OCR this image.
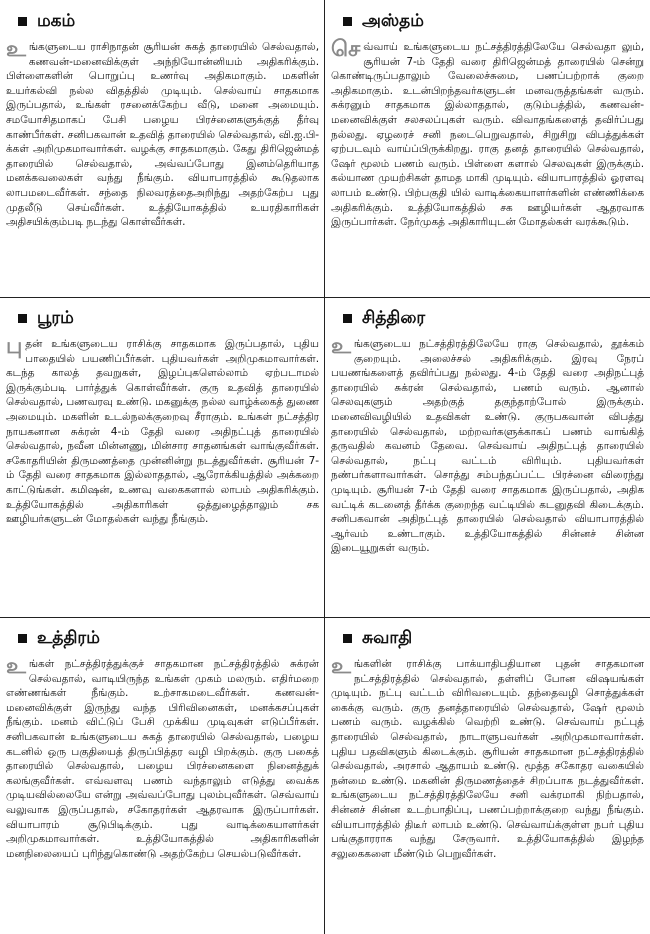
மகம்
உங்களுடைய ராசிநாதன் சூரியன் சுகத் தாரையில் செல்வதால், கணவன்-மனைவிக்குள் அந்நியோன்னியம் அதிகரிக்கும். பிள்ளைகளின் பொறுப்பு உணர்வு அதிகமாகும். மகளின் உயர்கல்வி நல்ல விதத்தில் முடியும். செல்வாய் சாதகமாக இருப்பதால், உங்கள் ரசனைக்கேற்ப வீடு, மனை அமையும். சமயோசிதமாகப் பேசி பழைய பிரச்னைகளுக்குத் தீர்வு காண்பீர்கள். சனிபகவான் உதவித் தாரையில் செல்வதால், வி.ஐ.பி-க்கள் அறிமுகமாவார்கள். வழக்கு சாதகமாகும். கேது திரிஜென்மத் தாரையில் செல்வதால், அவ்வப்போது இனம்தெரியாத மனக்கவலைகள் வந்து நீங்கும். வியாபாரத்தில் கூடுதலாக லாபமடைவீர்கள். சந்தை நிலவரத்தைஅறிந்து அதற்கேற்ப புது முதலீடு செய்வீர்கள். உத்தியோகத்தில் உயரதிகாரிகள் அதிசயிக்கும்படி நடந்து கொள்வீர்கள்.
அஸ்தம்
செவ்வாய் உங்களுடைய நட்சத்திரத்திலேயே செல்வதா லும், சூரியன் 7-ம் தேதி வரை திரிஜென்மத் தாரையில் சென்று கொண்டிருப்பதாலும் வேலைச்சுமை, பணப்பற்றாக் குறை அதிகமாகும். உடன்பிறந்தவர்களுடன் மனவருத்தங்கள் வரும். சுக்ரனும் சாதகமாக இல்லாததால், குடும்பத்தில், கணவன்-மனைவிக்குள் சலசலப்புகள் வரும். விவாதங்களைத் தவிர்ப்பது நல்லது. ஏழரைச் சனி நடைபெறுவதால், சிறுசிறு விபத்துக்கள் ஏற்படவும் வாய்ப்பிருக்கிறது. ராகு தனத் தாரையில் செல்வதால், ஷேர் மூலம் பணம் வரும். பிள்ளை களால் செலவுகள் இருக்கும். கல்யாண முயற்சிகள் தாமத மாகி முடியும். வியாபாரத்தில் ஓரளவு லாபம் உண்டு. பிற்பகுதி யில் வாடிக்கையாளர்களின் எண்ணிக்கை அதிகரிக்கும். உத்தியோகத்தில் சக ஊழியர்கள் ஆதரவாக இருப்பார்கள். நேர்முகத் அதிகாரியுடன் மோதல்கள் வரக்கூடும்.
பூரம்
புதன் உங்களுடைய ராசிக்கு சாதகமாக இருப்பதால், புதிய பாதையில் பயணிப்பீர்கள். புதியவர்கள் அறிமுகமாவார்கள். கடந்த காலத் தவறுகள், இழப்புகளெல்லாம் ஏற்படாமல் இருக்கும்படி பார்த்துக் கொள்வீர்கள். குரு உதவித் தாரையில் செல்வதால், பணவரவு உண்டு. மகனுக்கு நல்ல வாழ்க்கைத் துணை அமையும். மகளின் உடல்நலக்குறைவு சீராகும். உங்கள் நட்சத்திர நாயகனான சுக்ரன் 4-ம் தேதி வரை அதிநட்புத் தாரையில் செல்வதால், நவீன மின்னணு, மின்சார சாதனங்கள் வாங்குவீர்கள். சகோதரியின் திருமணத்தை முன்னின்று நடத்துவீர்கள். சூரியன் 7-ம் தேதி வரை சாதகமாக இல்லாததால், ஆரோக்கியத்தில் அக்கறை காட்டுங்கள். கமிஷன், உணவு வகைகளால் லாபம் அதிகரிக்கும். உத்தியோகத்தில் அதிகாரிகள் ஒத்துழைத்தாலும் சக ஊழியர்களுடன் மோதல்கள் வந்து நீங்கும்.
சித்திரை
உங்களுடைய நட்சத்திரத்திலேயே ராகு செல்வதால், தூக்கம் குறையும். அலைச்சல் அதிகரிக்கும். இரவு நேரப் பயணங்களைத் தவிர்ப்பது நல்லது. 4-ம் தேதி வரை அதிநட்புத் தாரையில் சுக்ரன் செல்வதால், பணம் வரும். ஆனால் செலவுகளும் அதற்குத் தகுந்தாற்போல் இருக்கும். மனைவிவழியில் உதவிகள் உண்டு. குருபகவான் விபத்து தாரையில் செல்வதால், மற்றவர்களுக்காகப் பணம் வாங்கித் தருவதில் கவனம் தேவை. செவ்வாய் அதிநட்புத் தாரையில் செல்வதால், நட்பு வட்டம் விரியும். புதியவர்கள் நண்பர்களாவார்கள். சொத்து சம்பந்தப்பட்ட பிரச்னை விரைந்து முடியும். சூரியன் 7-ம் தேதி வரை சாதகமாக இருப்பதால், அதிக வட்டிக் கடனைத் தீர்க்க குறைந்த வட்டியில் கடனுதவி கிடைக்கும். சனிபகவான் அதிநட்புத் தாரையில் செல்வதால் வியாபாரத்தில் ஆர்வம் உண்டாகும். உத்தியோகத்தில் சின்னச் சின்ன இடையூறுகள் வரும்.
உத்திரம்
உங்கள் நட்சத்திரத்துக்குச் சாதகமான நட்சத்திரத்தில் சுக்ரன் செல்வதால், வாடியிருந்த உங்கள் முகம் மலரும். எதிர்மறை எண்ணங்கள் நீங்கும். உற்சாகமடைவீர்கள். கணவன்-மனைவிக்குள் இருந்து வந்த பிரிவினைகள், மனக்கசப்புகள் நீங்கும். மனம் விட்டுப் பேசி முக்கிய முடிவுகள் எடுப்பீர்கள். சனிபகவான் உங்களுடைய சுகத் தாரையில் செல்வதால், பழைய கடனில் ஒரு பகுதியைத் திருப்பித்தர வழி பிறக்கும். குரு பகைத் தாரையில் செல்வதால், பழைய பிரச்னைகளை நினைத்துக் கலங்குவீர்கள். எவ்வளவு பணம் வந்தாலும் எடுத்து வைக்க முடியவில்லையே என்று அவ்வப்போது புலம்புவீர்கள். செவ்வாய் வலுவாக இருப்பதால், சகோதரர்கள் ஆதரவாக இருப்பார்கள். வியாபாரம் சூடுபிடிக்கும். புது வாடிக்கையாளர்கள் அறிமுகமாவார்கள். உத்தியோகத்தில் அதிகாரிகளின் மனநிலையைப் புரிந்துகொண்டு அதற்கேற்ப செயல்படுவீர்கள்.
சுவாதி
உங்களின் ராசிக்கு பாக்யாதிபதியான புதன் சாதகமான நட்சத்திரத்தில் செல்வதால், தள்ளிப் போன விஷயங்கள் முடியும். நட்பு வட்டம் விரிவடையும். தந்தைவழி சொத்துக்கள் கைக்கு வரும். குரு தனத்தாரையில் செல்வதால், ஷேர் மூலம் பணம் வரும். வழக்கில் வெற்றி உண்டு. செவ்வாய் நட்புத் தாரையில் செல்வதால், நாடாளுபவர்கள் அறிமுகமாவார்கள். புதிய பதவிகளும் கிடைக்கும். சூரியன் சாதகமான நட்சத்திரத்தில் செல்வதால், அரசால் ஆதாயம் உண்டு. மூத்த சகோதர வகையில் நன்மை உண்டு. மகனின் திருமணத்தைச் சிறப்பாக நடத்துவீர்கள். உங்களுடைய நட்சத்திரத்திலேயே சனி வக்ரமாகி நிற்பதால், சின்னச் சின்ன உடற்பாதிப்பு, பணப்பற்றாக்குறை வந்து நீங்கும். வியாபாரத்தில் திடீர் லாபம் உண்டு. செவ்வாய்க்குள்ள நபர் புதிய பங்குதாரராக வந்து சேருவார். உத்தியோகத்தில் இழந்த சலுகைகளை மீண்டும் பெறுவீர்கள்.
